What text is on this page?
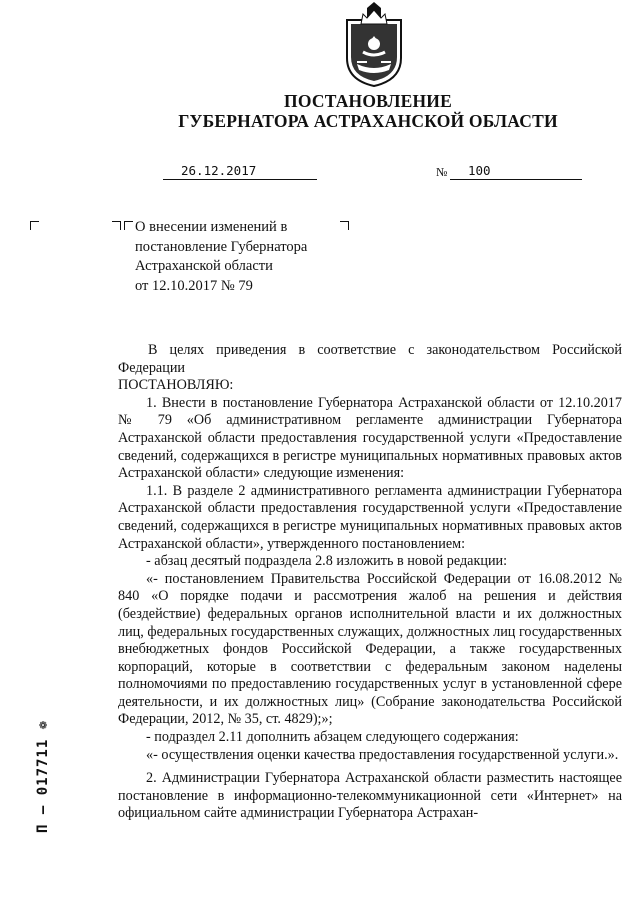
ПОСТАНОВЛЕНИЕ
ГУБЕРНАТОРА АСТРАХАНСКОЙ ОБЛАСТИ
26.12.2017	№	100
О внесении изменений в
постановление Губернатора
Астраханской области
от 12.10.2017 № 79

В целях приведения в соответствие с законодательством Российской Федерации

ПОСТАНОВЛЯЮ:

1. Внести в постановление Губернатора Астраханской области от 12.10.2017 № 79 «Об административном регламенте администрации Губернатора Астраханской области предоставления государственной услуги «Предоставление сведений, содержащихся в регистре муниципальных нормативных правовых актов Астраханской области» следующие изменения:

1.1. В разделе 2 административного регламента администрации Губернатора Астраханской области предоставления государственной услуги «Предоставление сведений, содержащихся в регистре муниципальных нормативных правовых актов Астраханской области», утвержденного постановлением:

- абзац десятый подраздела 2.8 изложить в новой редакции:

«- постановлением Правительства Российской Федерации от 16.08.2012 № 840 «О порядке подачи и рассмотрения жалоб на решения и действия (бездействие) федеральных органов исполнительной власти и их должностных лиц, федеральных государственных служащих, должностных лиц государственных внебюджетных фондов Российской Федерации, а также государственных корпораций, которые в соответствии с федеральным законом наделены полномочиями по предоставлению государственных услуг в установленной сфере деятельности, и их должностных лиц» (Собрание законодательства Российской Федерации, 2012, № 35, ст. 4829);»;

- подраздел 2.11 дополнить абзацем следующего содержания:

«- осуществления оценки качества предоставления государственной услуги.».

2. Администрации Губернатора Астраханской области разместить настоящее постановление в информационно-телекоммуникационной сети «Интернет» на официальном сайте администрации Губернатора Астрахан-

П – 017711 ❁
